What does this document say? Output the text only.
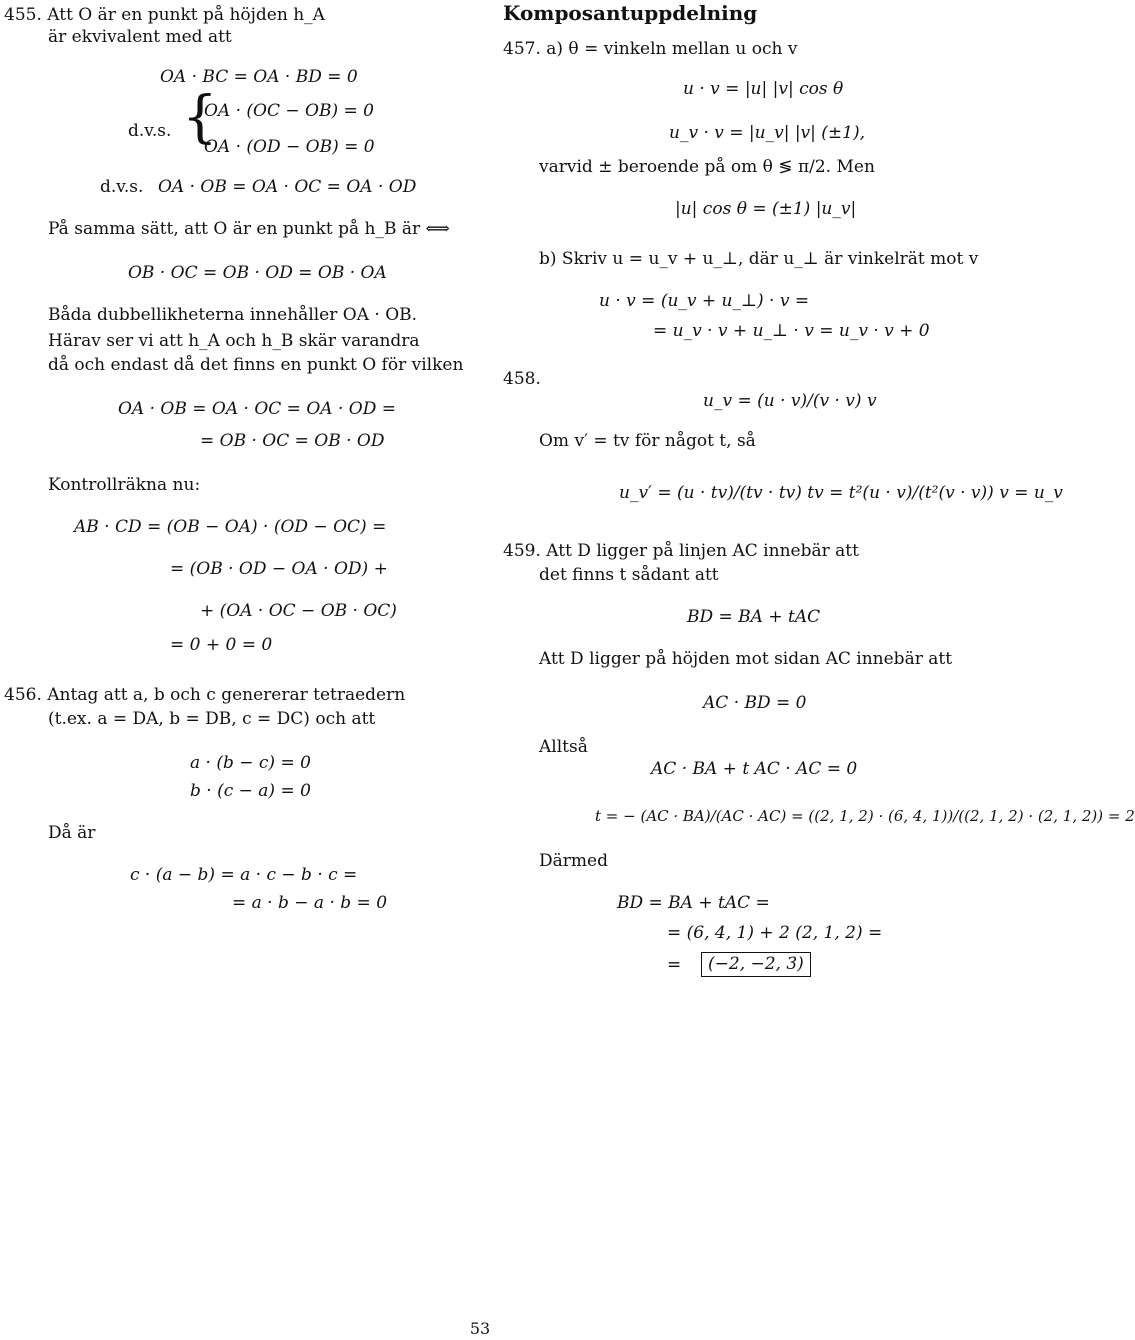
455. Att O är en punkt på höjden h_A
är ekvivalent med att
OA · BC = OA · BD = 0
d.v.s. {
OA · (OC − OB) = 0
OA · (OD − OB) = 0
d.v.s. OA · OB = OA · OC = OA · OD
På samma sätt, att O är en punkt på h_B är ⟺
OB · OC = OB · OD = OB · OA
Båda dubbellikheterna innehåller OA · OB.
Härav ser vi att h_A och h_B skär varandra
då och endast då det finns en punkt O för vilken
OA · OB = OA · OC = OA · OD =
= OB · OC = OB · OD
Kontrollräkna nu:
AB · CD = (OB − OA) · (OD − OC) =
= (OB · OD − OA · OD) +
+ (OA · OC − OB · OC)
= 0 + 0 = 0
456. Antag att a, b och c genererar tetraedern
(t.ex. a = DA, b = DB, c = DC) och att
a · (b − c) = 0
b · (c − a) = 0
Då är
c · (a − b) = a · c − b · c =
= a · b − a · b = 0
Komposantuppdelning
457. a) θ = vinkeln mellan u och v
u · v = |u| |v| cos θ
u_v · v = |u_v| |v| (±1),
varvid ± beroende på om θ ≶ π/2. Men
|u| cos θ = (±1) |u_v|
b) Skriv u = u_v + u_⊥, där u_⊥ är vinkelrät mot v
u · v = (u_v + u_⊥) · v =
= u_v · v + u_⊥ · v = u_v · v + 0
458.
u_v = (u · v)/(v · v) v
Om v′ = tv för något t, så
u_v′ = (u · tv)/(tv · tv) tv = t²(u · v)/(t²(v · v)) v = u_v
459. Att D ligger på linjen AC innebär att
det finns t sådant att
BD = BA + tAC
Att D ligger på höjden mot sidan AC innebär att
AC · BD = 0
Alltså
AC · BA + t AC · AC = 0
t = − (AC · BA)/(AC · AC) = ((2, 1, 2) · (6, 4, 1))/((2, 1, 2) · (2, 1, 2)) = 2
Därmed
BD = BA + tAC =
= (6, 4, 1) + 2 (2, 1, 2) =
=	(−2, −2, 3)
53
